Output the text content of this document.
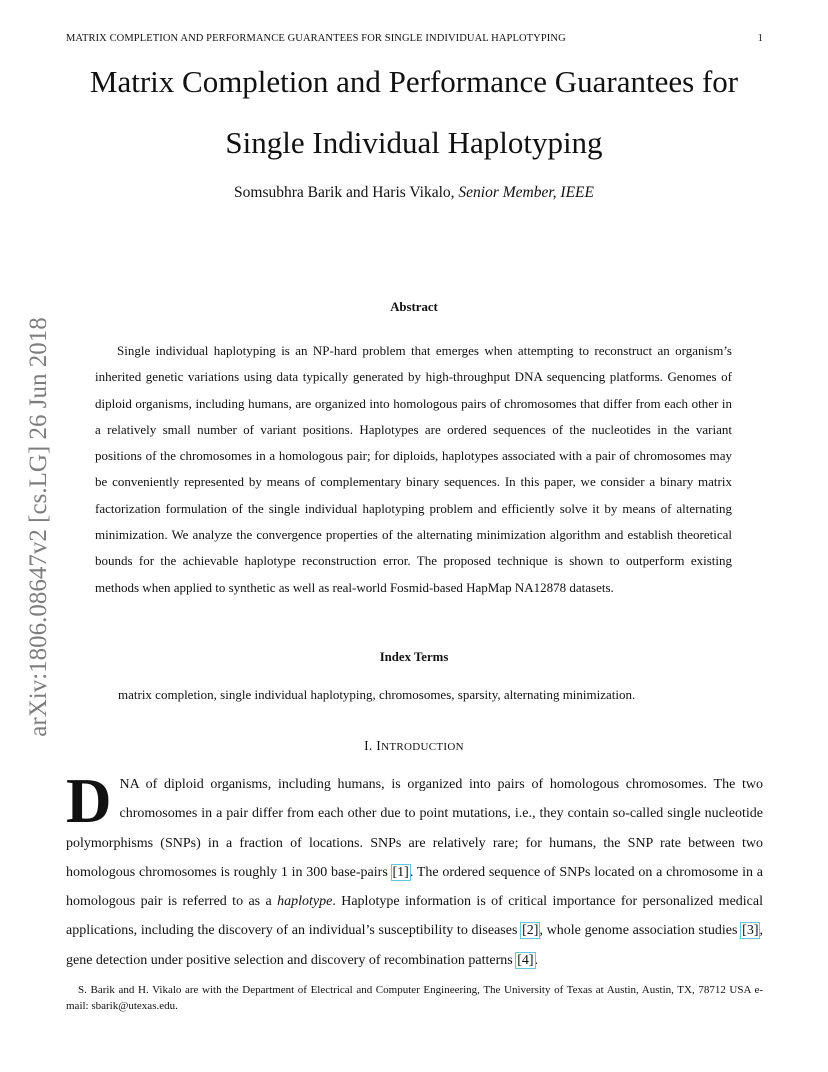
MATRIX COMPLETION AND PERFORMANCE GUARANTEES FOR SINGLE INDIVIDUAL HAPLOTYPING	1
Matrix Completion and Performance Guarantees for
Single Individual Haplotyping
Somsubhra Barik and Haris Vikalo, Senior Member, IEEE
arXiv:1806.08647v2 [cs.LG] 26 Jun 2018
Abstract

Single individual haplotyping is an NP-hard problem that emerges when attempting to reconstruct an organism’s inherited genetic variations using data typically generated by high-throughput DNA sequencing platforms. Genomes of diploid organisms, including humans, are organized into homologous pairs of chromosomes that differ from each other in a relatively small number of variant positions. Haplotypes are ordered sequences of the nucleotides in the variant positions of the chromosomes in a homologous pair; for diploids, haplotypes associated with a pair of chromosomes may be conveniently represented by means of complementary binary sequences. In this paper, we consider a binary matrix factorization formulation of the single individual haplotyping problem and efficiently solve it by means of alternating minimization. We analyze the convergence properties of the alternating minimization algorithm and establish theoretical bounds for the achievable haplotype reconstruction error. The proposed technique is shown to outperform existing methods when applied to synthetic as well as real-world Fosmid-based HapMap NA12878 datasets.

Index Terms
matrix completion, single individual haplotyping, chromosomes, sparsity, alternating minimization.
I. INTRODUCTION

DNA of diploid organisms, including humans, is organized into pairs of homologous chromosomes. The two chromosomes in a pair differ from each other due to point mutations, i.e., they contain so-called single nucleotide polymorphisms (SNPs) in a fraction of locations. SNPs are relatively rare; for humans, the SNP rate between two homologous chromosomes is roughly 1 in 300 base-pairs [1]. The ordered sequence of SNPs located on a chromosome in a homologous pair is referred to as a haplotype. Haplotype information is of critical importance for personalized medical applications, including the discovery of an individual’s susceptibility to diseases [2], whole genome association studies [3], gene detection under positive selection and discovery of recombination patterns [4].

S. Barik and H. Vikalo are with the Department of Electrical and Computer Engineering, The University of Texas at Austin, Austin, TX, 78712 USA e-mail: sbarik@utexas.edu.
